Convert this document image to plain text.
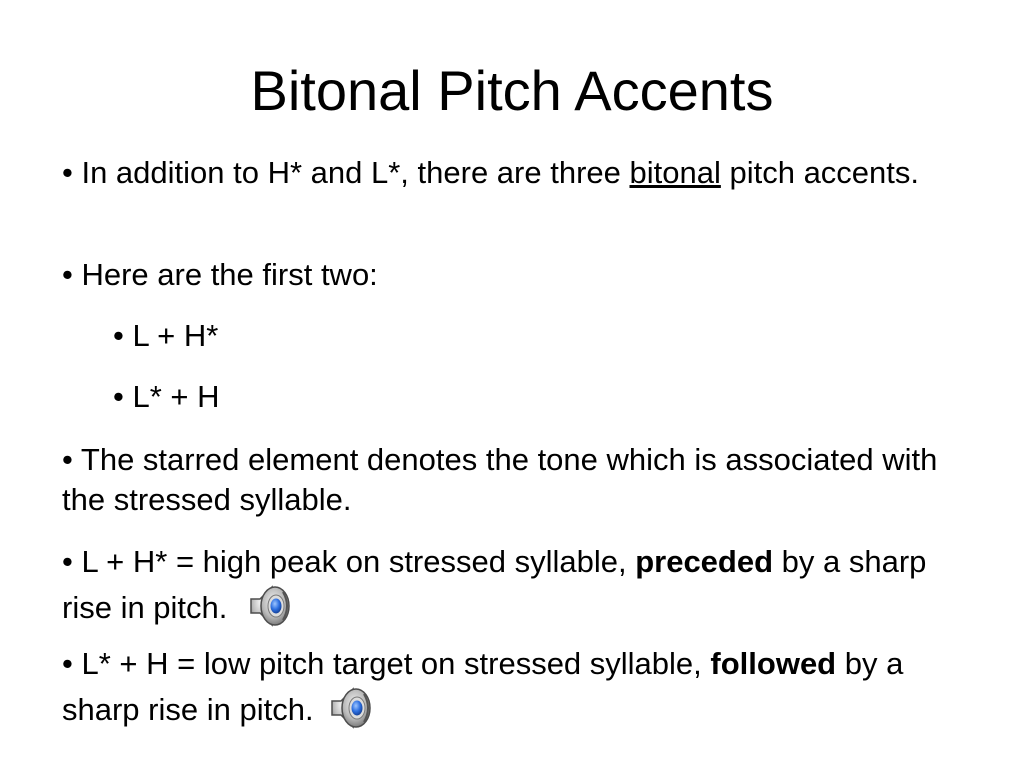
Bitonal Pitch Accents
• In addition to H* and L*, there are three bitonal pitch accents.
• Here are the first two:
• L + H*
• L* + H
• The starred element denotes the tone which is associated with the stressed syllable.
• L + H* = high peak on stressed syllable, preceded by a sharp rise in pitch.
• L* + H = low pitch target on stressed syllable, followed by a sharp rise in pitch.
